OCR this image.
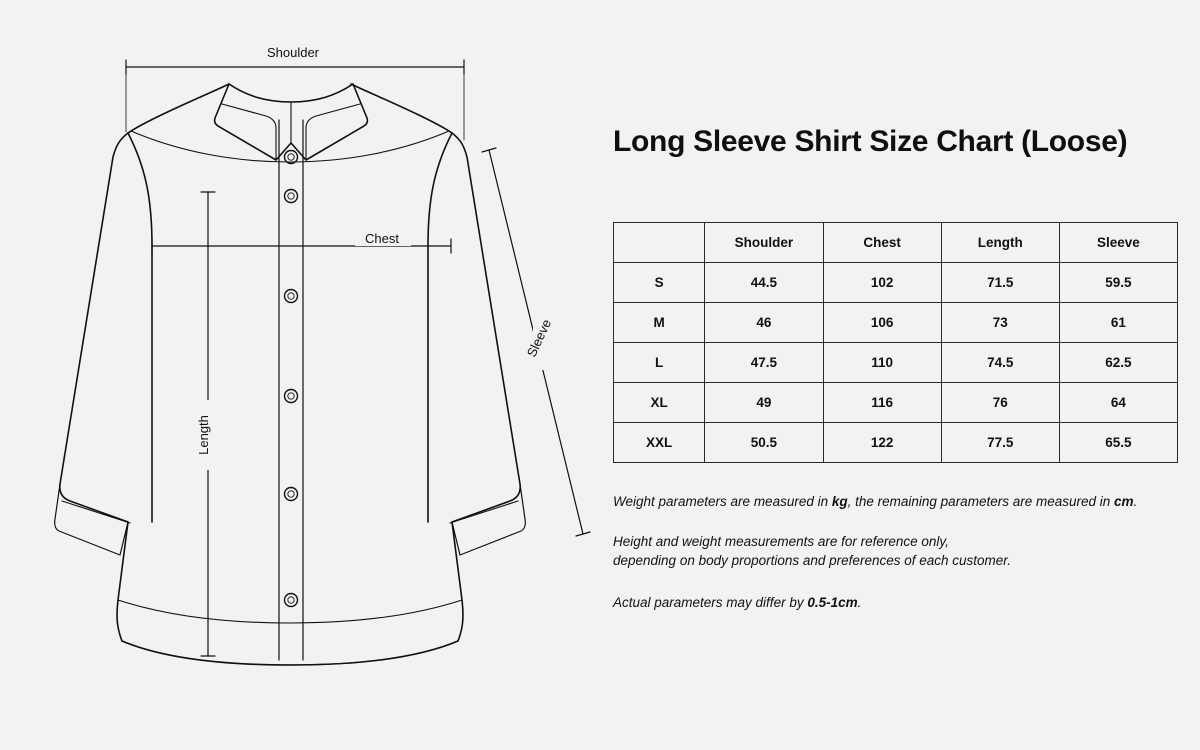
Shoulder
Chest
Length
Sleeve
Long Sleeve Shirt Size Chart (Loose)
	Shoulder	Chest	Length	Sleeve
S	44.5	102	71.5	59.5
M	46	106	73	61
L	47.5	110	74.5	62.5
XL	49	116	76	64
XXL	50.5	122	77.5	65.5
Weight parameters are measured in kg, the remaining parameters are measured in cm.
Height and weight measurements are for reference only,
depending on body proportions and preferences of each customer.
Actual parameters may differ by 0.5-1cm.
